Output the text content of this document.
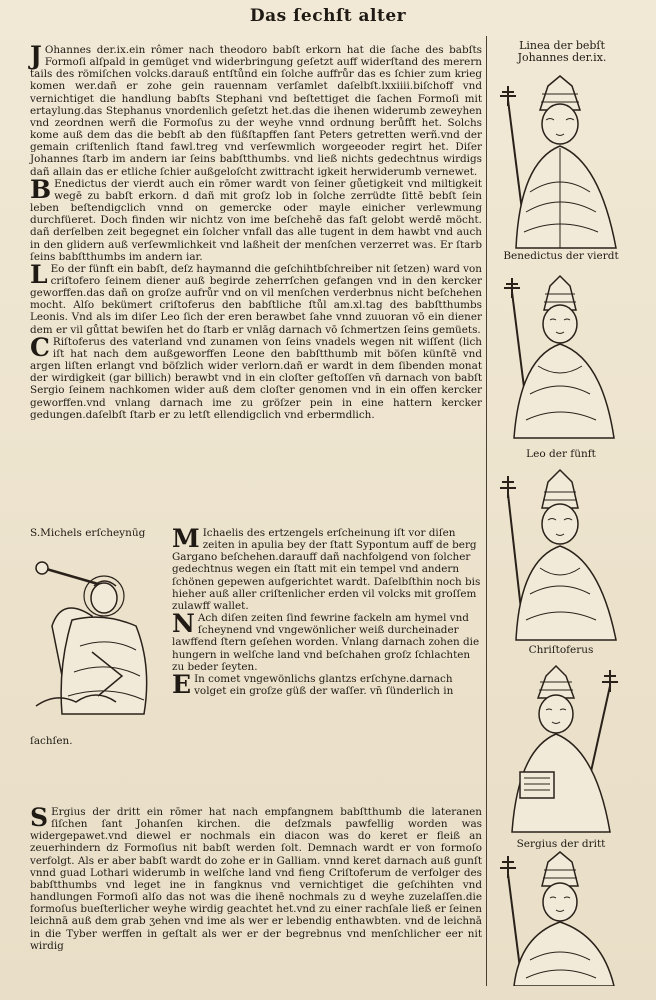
Das ſechſt alter
Linea der bebſt Johannes der.ix.
Benedictus der vierdt
Leo der fünft
Chriſtoferus
Sergius der dritt

J Ohannes der.ix.ein rômer nach theodoro babſt erkorn hat die ſache des babſts Formoſi alſpald in gemüget vnd widerbringung geſetzt auff widerſtand des merern tails des römiſchen volcks.darauß entſtůnd ein ſolche auffrůr das es ſchier zum krieg komen wer.dañ er zohe gein rauennam verſamlet daſelbſt.lxxiiii.biſchoff vnd vernichtiget die handlung babſts Stephani vnd beſtettiget die ſachen Formoſi mit ertaylung.das Stephanus vnordenlich geſetzt het.das die ihenen widerumb zeweyhen vnd zeordnen werñ die Formoſus zu der weyhe vnnd ordnung berůfft het. Solchs kome auß dem das die bebſt ab den füßſtapffen ſant Peters getretten werñ.vnd der gemain criſtenlich ſtand fawl.treg vnd verſewmlich worgeeoder regirt het. Diſer Johannes ſtarb im andern iar ſeins babſtthumbs. vnd ließ nichts gedechtnus wirdigs dañ allain das er etliche ſchier außgeloſcht zwittracht igkeit herwiderumb vernewet.

B Enedictus der vierdt auch ein rōmer wardt von ſeiner gůetigkeit vnd miltigkeit wegē zu babſt erkorn. d dañ mit groſz lob in ſolche zerrüdte ſittē bebſt ſein leben beſtendigclich vnnd on gemercke oder mayle einicher verlewmung durchfüeret. Doch finden wir nichtz von ime beſchehē das faſt gelobt werdē möcht. dañ derſelben zeit begegnet ein ſolcher vnfall das alle tugent in dem hawbt vnd auch in den glidern auß verſewmlichkeit vnd laßheit der menſchen verzerret was. Er ſtarb ſeins babſtthumbs im andern iar.

L Eo der fünft ein babſt, deſz haymannd die geſchihtbſchreiber nit ſetzen) ward von criſtofero ſeinem diener auß begirde zeherrſchen gefangen vnd in den kercker geworffen.das dañ on groſze aufrůr vnd on vil menſchen verderbnus nicht beſchehen mocht. Alſo bekümert criſtoferus den babſtliche ſtůl am.xl.tag des babſtthumbs Leonis. Vnd als im diſer Leo ſich der eren berawbet ſahe vnnd zuuoran vō ein diener dem er vil gůttat bewiſen het do ſtarb er vnlāg darnach vō ſchmertzen ſeins gemüets.

C Riſtoferus des vaterland vnd zunamen von ſeins vnadels wegen nit wiſſent (lich iſt hat nach dem außgeworffen Leone den babſtthumb mit böſen künſtē vnd argen liſten erlangt vnd böſzlich wider verlorn.dañ er wardt in dem ſibenden monat der wirdigkeit (gar billich) berawbt vnd in ein cloſter geſtoſſen vn̄ darnach von babſt Sergio ſeinem nachkomen wider auß dem cloſter genomen vnd in ein offen kercker geworffen.vnd vnlang darnach ime zu gröſzer pein in eine hattern kercker gedungen.daſelbſt ſtarb er zu letſt ellendigclich vnd erbermdlich.

S.Michels erſcheynūg M Ichaelis des ertzengels erſcheinung iſt vor diſen zeiten in apulia bey der ſtatt Sypontum auff de berg Gargano beſchehen.darauff dañ nachfolgend von ſolcher gedechtnus wegen ein ſtatt mit ein tempel vnd andern ſchönen gepewen aufgerichtet wardt. Daſelbſthin noch bis hieher auß aller criſtenlicher erden vil volcks mit groſſem zulawff wallet.

N Ach diſen zeiten ſind fewrine fackeln am hymel vnd ſcheynend vnd vngewönlicher weiß durcheinader lawffend ſtern geſehen worden. Vnlang darnach zohen die hungern in welſche land vnd beſchahen groſz ſchlachten zu beder ſeyten.

E In comet vngewönlichs glantzs erſchyne.darnach volget ein groſze güß der waſſer. vn̄ ſünderlich in

ſachſen.
S Ergius der dritt ein rōmer hat nach empfangnem babſtthumb die lateranen ſiſchen ſant Johanſen kirchen. die deſzmals pawfellig worden was widergepawet.vnd diewel er nochmals ein diacon was do keret er fleiß an zeuerhindern dz Formoſius nit babſt werden ſolt. Demnach wardt er von formoſo verfolgt. Als er aber babſt wardt do zohe er in Galliam. vnnd keret darnach auß gunſt vnnd guad Lothari widerumb in welſche land vnd fieng Criſtoferum de verfolger des babſtthumbs vnd leget ine in fangknus vnd vernichtiget die geſchihten vnd handlungen Formoſi alſo das not was die ihenē nochmals zu d weyhe zuzelaſſen.die formoſus bueſterlicher weyhe wirdig geachtet het.vnd zu einer rachſale ließ er ſeinen leichnā auß dem grab ʒehen vnd ime als wer er lebendig enthawbten. vnd de leichnā in die Tyber werffen in geſtalt als wer er der begrebnus vnd menſchlicher eer nit wirdig
